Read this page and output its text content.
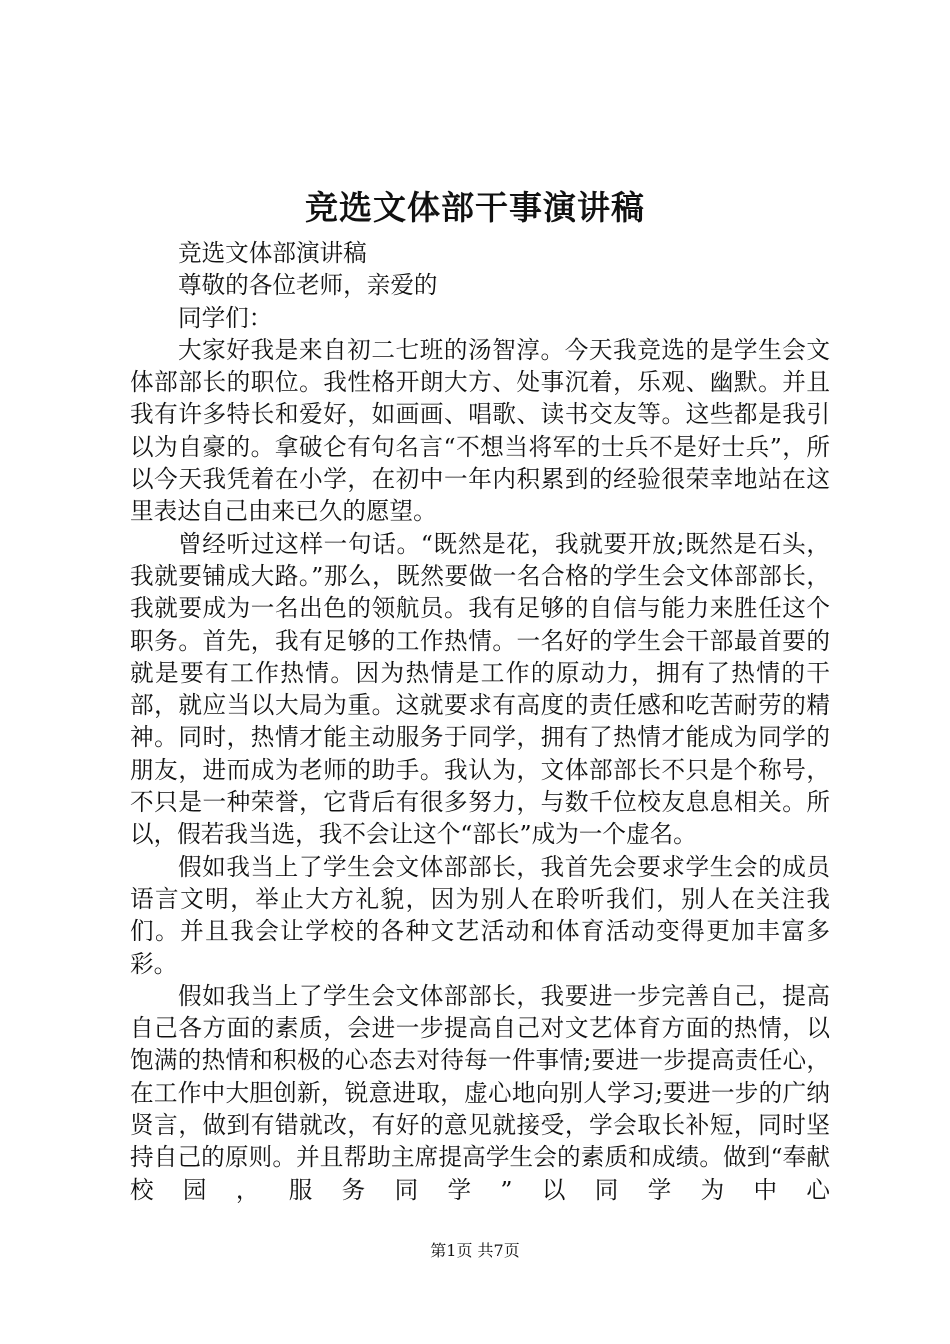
竞选文体部干事演讲稿
竞选文体部演讲稿
尊敬的各位老师，亲爱的
同学们：

大家好我是来自初二七班的汤智淳。今天我竞选的是学生会文体部部长的职位。我性格开朗大方、处事沉着，乐观、幽默。并且我有许多特长和爱好，如画画、唱歌、读书交友等。这些都是我引以为自豪的。拿破仑有句名言“不想当将军的士兵不是好士兵”，所以今天我凭着在小学，在初中一年内积累到的经验很荣幸地站在这里表达自己由来已久的愿望。

曾经听过这样一句话。“既然是花，我就要开放;既然是石头，我就要铺成大路。”那么，既然要做一名合格的学生会文体部部长，我就要成为一名出色的领航员。我有足够的自信与能力来胜任这个职务。首先，我有足够的工作热情。一名好的学生会干部最首要的就是要有工作热情。因为热情是工作的原动力，拥有了热情的干部，就应当以大局为重。这就要求有高度的责任感和吃苦耐劳的精神。同时，热情才能主动服务于同学，拥有了热情才能成为同学的朋友，进而成为老师的助手。我认为，文体部部长不只是个称号，不只是一种荣誉，它背后有很多努力，与数千位校友息息相关。所以，假若我当选，我不会让这个“部长”成为一个虚名。

假如我当上了学生会文体部部长，我首先会要求学生会的成员语言文明，举止大方礼貌，因为别人在聆听我们，别人在关注我们。并且我会让学校的各种文艺活动和体育活动变得更加丰富多彩。

假如我当上了学生会文体部部长，我要进一步完善自己，提高自己各方面的素质，会进一步提高自己对文艺体育方面的热情，以饱满的热情和积极的心态去对待每一件事情;要进一步提高责任心，在工作中大胆创新，锐意进取，虚心地向别人学习;要进一步的广纳贤言，做到有错就改，有好的意见就接受，学会取长补短，同时坚持自己的原则。并且帮助主席提高学生会的素质和成绩。做到“奉献校园，服务同学”以同学为中心

第1页 共7页
